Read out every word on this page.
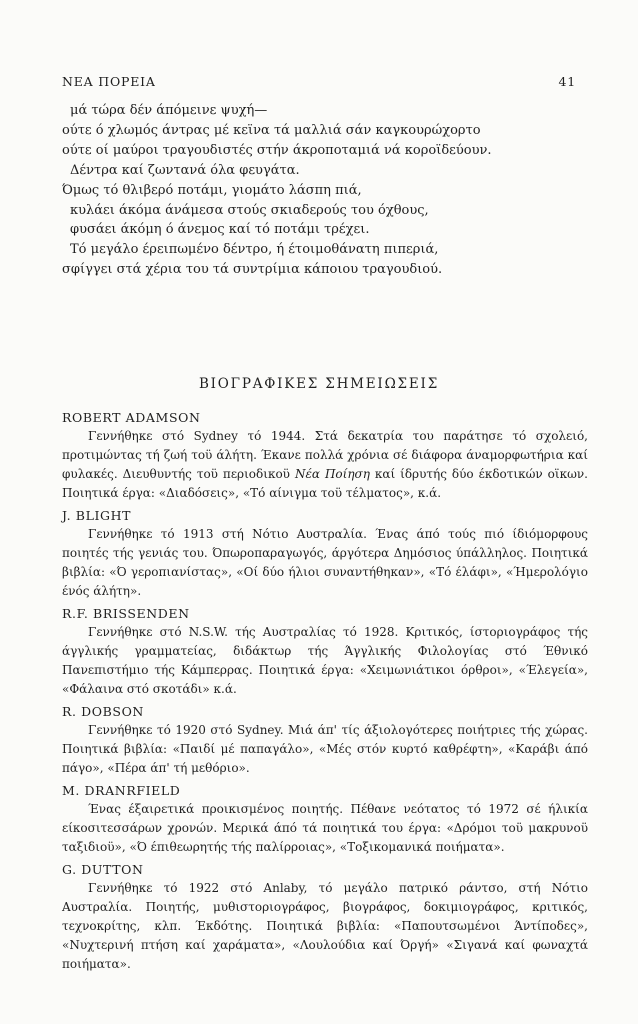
ΝΕΑ ΠΟΡΕΙΑ	41
μά τώρα δέν άπόμεινε ψυχή—
ούτε ό χλωμός άντρας μέ κεϊνα τά μαλλιά σάν καγκουρώχορτο
ούτε οί μαύροι τραγουδιστές στήν άκροποταμιά νά κοροϊδεύουν.
Δέντρα καί ζωντανά όλα φευγάτα.
Όμως τό θλιβερό ποτάμι, γιομάτο λάσπη πιά,
κυλάει άκόμα άνάμεσα στούς σκιαδερούς του όχθους,
φυσάει άκόμη ό άνεμος καί τό ποτάμι τρέχει.
Τό μεγάλο έρειπωμένο δέντρο, ή έτοιμοθάνατη πιπεριά,
σφίγγει στά χέρια του τά συντρίμια κάποιου τραγουδιού.
ΒΙΟΓΡΑΦΙΚΕΣ ΣΗΜΕΙΩΣΕΙΣ
ROBERT ADAMSON

Γεννήθηκε στό Sydney τό 1944. Στά δεκατρία του παράτησε τό σχολειό, προτιμώντας τή ζωή τοϋ άλήτη. Έκανε πολλά χρόνια σέ διάφορα άναμορφωτήρια καί φυλακές. Διευθυντής τοϋ περιοδικοϋ Νέα Ποίηση καί ίδρυτής δύο έκδοτικών οϊκων. Ποιητικά έργα: «Διαδόσεις», «Τό αίνιγμα τοϋ τέλματος», κ.ά.

J. BLIGHT

Γεννήθηκε τό 1913 στή Νότιο Αυστραλία. Ένας άπό τούς πιό ίδιόμορφους ποιητές τής γενιάς του. Όπωροπαραγωγός, άργότερα Δημόσιος ύπάλληλος. Ποιητικά βιβλία: «Ό γεροπιανίστας», «Οί δύο ήλιοι συναντήθηκαν», «Τό έλάφι», «Ήμερολόγιο ένός άλήτη».

R.F. BRISSENDEN

Γεννήθηκε στό N.S.W. τής Αυστραλίας τό 1928. Κριτικός, ίστοριογράφος τής άγγλικής γραμματείας, διδάκτωρ τής Άγγλικής Φιλολογίας στό Έθνικό Πανεπιστήμιο τής Κάμπερρας. Ποιητικά έργα: «Χειμωνιάτικοι όρθροι», «Έλεγεία», «Φάλαινα στό σκοτάδι» κ.ά.

R. DOBSON

Γεννήθηκε τό 1920 στό Sydney. Μιά άπ' τίς άξιολογότερες ποιήτριες τής χώρας. Ποιητικά βιβλία: «Παιδί μέ παπαγάλο», «Μές στόν κυρτό καθρέφτη», «Καράβι άπό πάγο», «Πέρα άπ' τή μεθόριο».

M. DRANRFIELD

Ένας έξαιρετικά προικισμένος ποιητής. Πέθανε νεότατος τό 1972 σέ ήλικία είκοσιτεσσάρων χρονών. Μερικά άπό τά ποιητικά του έργα: «Δρόμοι τοϋ μακρυνοϋ ταξιδιοϋ», «Ό έπιθεωρητής τής παλίρροιας», «Τοξικομανικά ποιήματα».

G. DUTTON

Γεννήθηκε τό 1922 στό Anlaby, τό μεγάλο πατρικό ράντσο, στή Νότιο Αυστραλία. Ποιητής, μυθιστοριογράφος, βιογράφος, δοκιμιογράφος, κριτικός, τεχνοκρίτης, κλπ. Έκδότης. Ποιητικά βιβλία: «Παπουτσωμένοι Άντίποδες», «Νυχτερινή πτήση καί χαράματα», «Λουλούδια καί Όργή» «Σιγανά καί φωναχτά ποιήματα».
